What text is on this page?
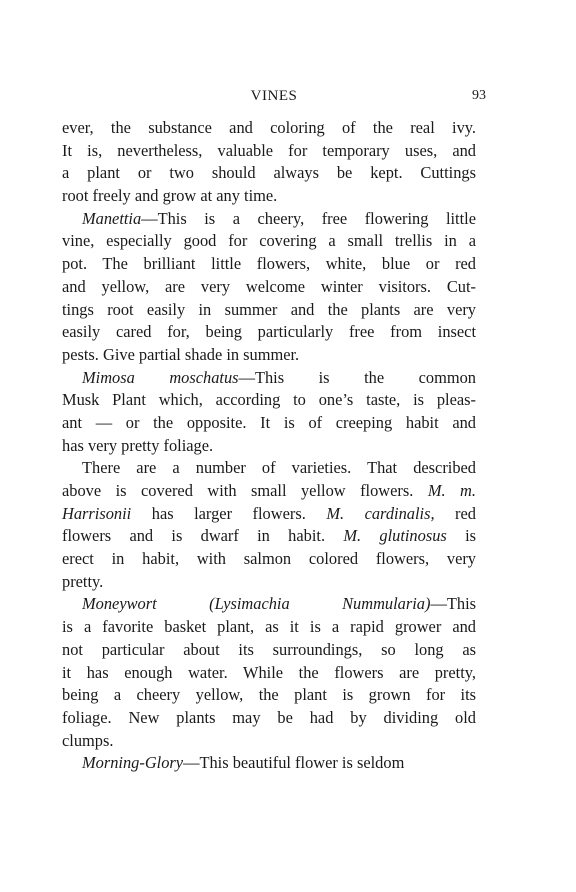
VINES	93
ever, the substance and coloring of the real ivy.
It is, nevertheless, valuable for temporary uses, and
a plant or two should always be kept. Cuttings
root freely and grow at any time.
Manettia—This is a cheery, free flowering little
vine, especially good for covering a small trellis in a
pot. The brilliant little flowers, white, blue or red
and yellow, are very welcome winter visitors. Cut-
tings root easily in summer and the plants are very
easily cared for, being particularly free from insect
pests. Give partial shade in summer.
Mimosa moschatus—This is the common
Musk Plant which, according to one’s taste, is pleas-
ant — or the opposite. It is of creeping habit and
has very pretty foliage.
There are a number of varieties. That described
above is covered with small yellow flowers. M. m.
Harrisonii has larger flowers. M. cardinalis, red
flowers and is dwarf in habit. M. glutinosus is
erect in habit, with salmon colored flowers, very
pretty.
Moneywort (Lysimachia Nummularia)—This
is a favorite basket plant, as it is a rapid grower and
not particular about its surroundings, so long as
it has enough water. While the flowers are pretty,
being a cheery yellow, the plant is grown for its
foliage. New plants may be had by dividing old
clumps.
Morning-Glory—This beautiful flower is seldom
